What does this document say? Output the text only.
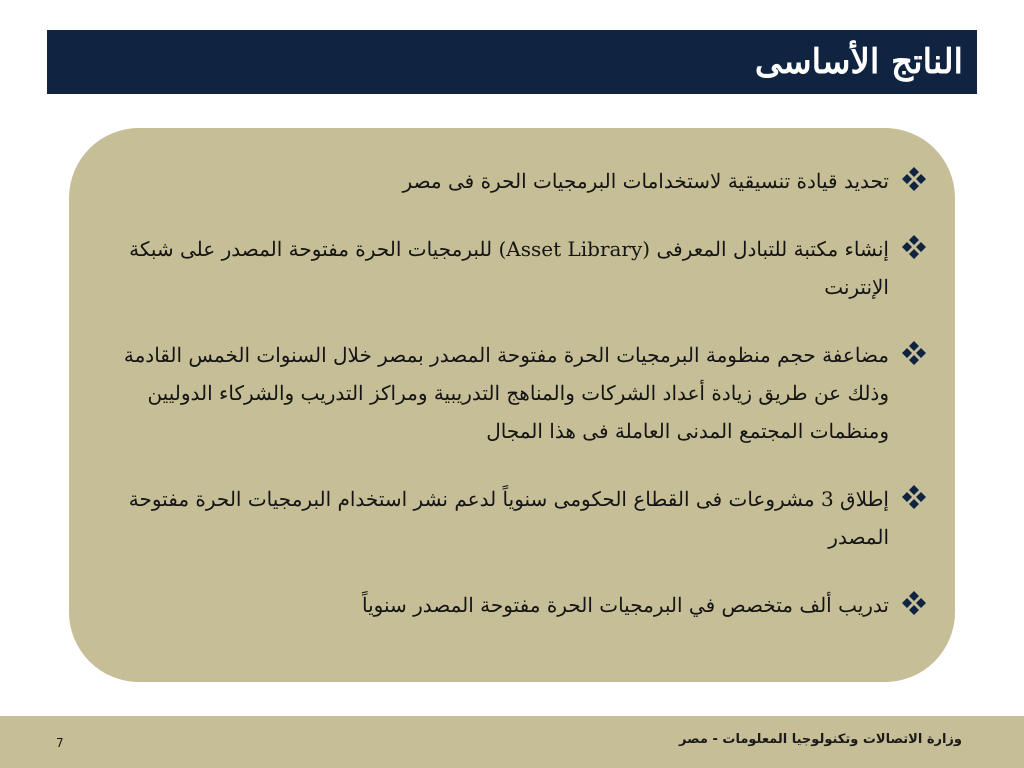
الناتج الأساسى
تحديد قيادة تنسيقية لاستخدامات البرمجيات الحرة فى مصر
إنشاء مكتبة للتبادل المعرفى (Asset Library) للبرمجيات الحرة مفتوحة المصدر على شبكة الإنترنت
مضاعفة حجم منظومة البرمجيات الحرة مفتوحة المصدر بمصر خلال السنوات الخمس القادمة وذلك عن طريق زيادة أعداد الشركات والمناهج التدريبية ومراكز التدريب والشركاء الدوليين ومنظمات المجتمع المدنى العاملة فى هذا المجال
إطلاق 3 مشروعات فى القطاع الحكومى سنوياً لدعم نشر استخدام البرمجيات الحرة مفتوحة المصدر
تدريب ألف متخصص في البرمجيات الحرة مفتوحة المصدر سنوياً
7	وزارة الاتصالات وتكنولوجيا المعلومات - مصر
